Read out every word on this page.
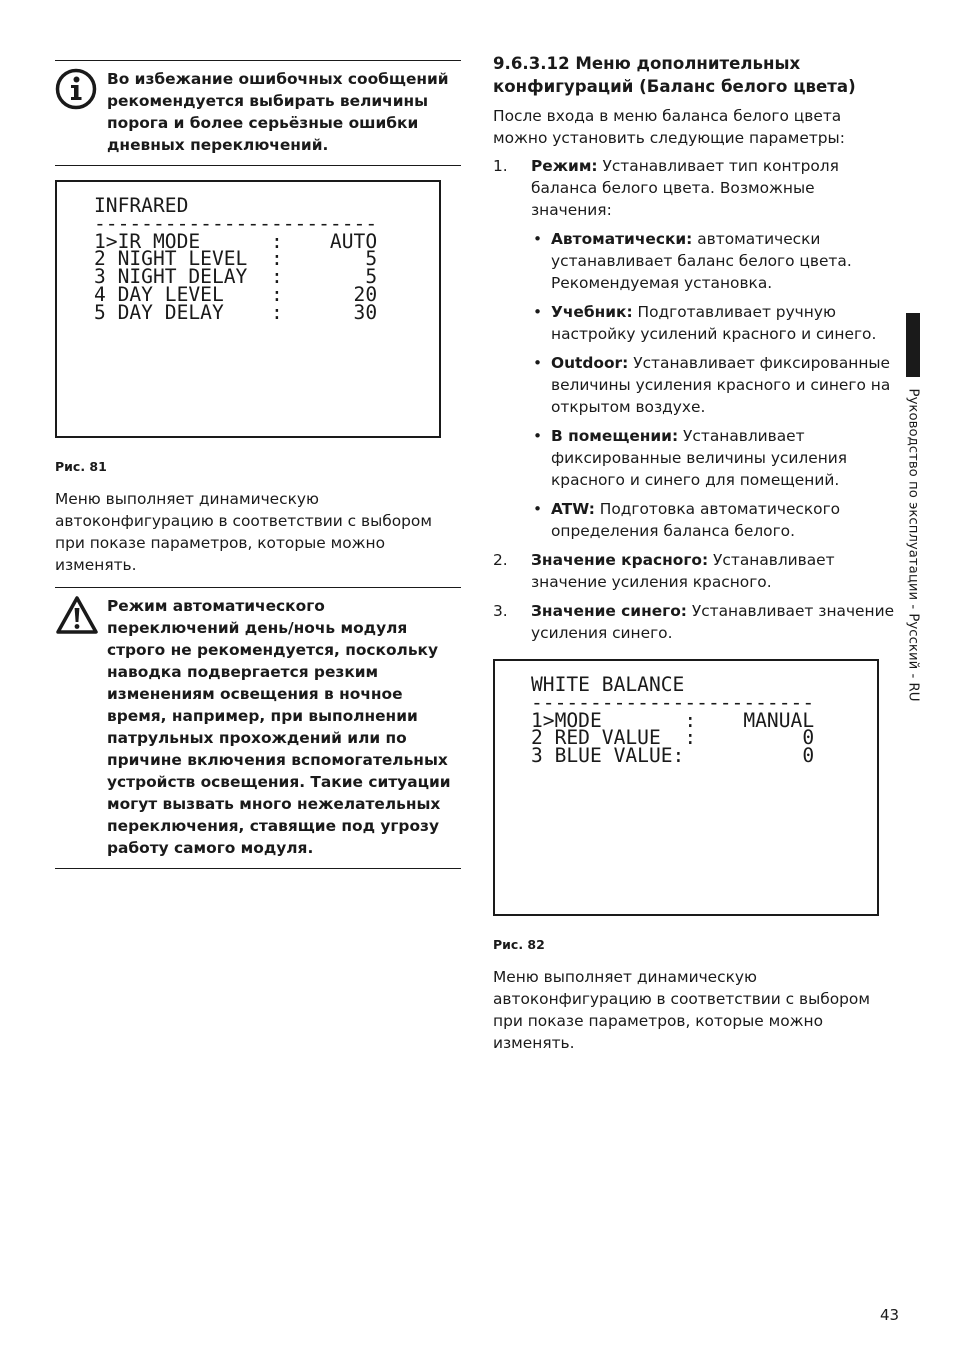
Во избежание ошибочных сообщений рекомендуется выбирать величины порога и более серьёзные ошибки дневных переключений.
INFRARED
------------------------
1>IR MODE      :    AUTO
2 NIGHT LEVEL  :       5
3 NIGHT DELAY  :       5
4 DAY LEVEL    :      20
5 DAY DELAY    :      30
Рис. 81
Меню выполняет динамическую автоконфигурацию в соответствии с выбором при показе параметров, которые можно изменять.
Режим автоматического переключений день/ночь модуля строго не рекомендуется, поскольку наводка подвергается резким изменениям освещения в ночное время, например, при выполнении патрульных прохождений или по причине включения вспомогательных устройств освещения. Такие ситуации могут вызвать много нежелательных переключения, ставящие под угрозу работу самого модуля.
9.6.3.12 Меню дополнительных конфигураций (Баланс белого цвета)
После входа в меню баланса белого цвета можно установить следующие параметры:
1. Режим: Устанавливает тип контроля баланса белого цвета. Возможные значения:
• Автоматически: автоматически устанавливает баланс белого цвета. Рекомендуемая установка.
• Учебник: Подготавливает ручную настройку усилений красного и синего.
• Outdoor: Устанавливает фиксированные величины усиления красного и синего на открытом воздухе.
• В помещении: Устанавливает фиксированные величины усиления красного и синего для помещений.
• ATW: Подготовка автоматического определения баланса белого.
2. Значение красного: Устанавливает значение усиления красного.
3. Значение синего: Устанавливает значение усиления синего.
WHITE BALANCE
------------------------
1>MODE       :    MANUAL
2 RED VALUE  :         0
3 BLUE VALUE:          0
Рис. 82
Меню выполняет динамическую автоконфигурацию в соответствии с выбором при показе параметров, которые можно изменять.
Руководство по эксплуатации - Русский - RU
43
